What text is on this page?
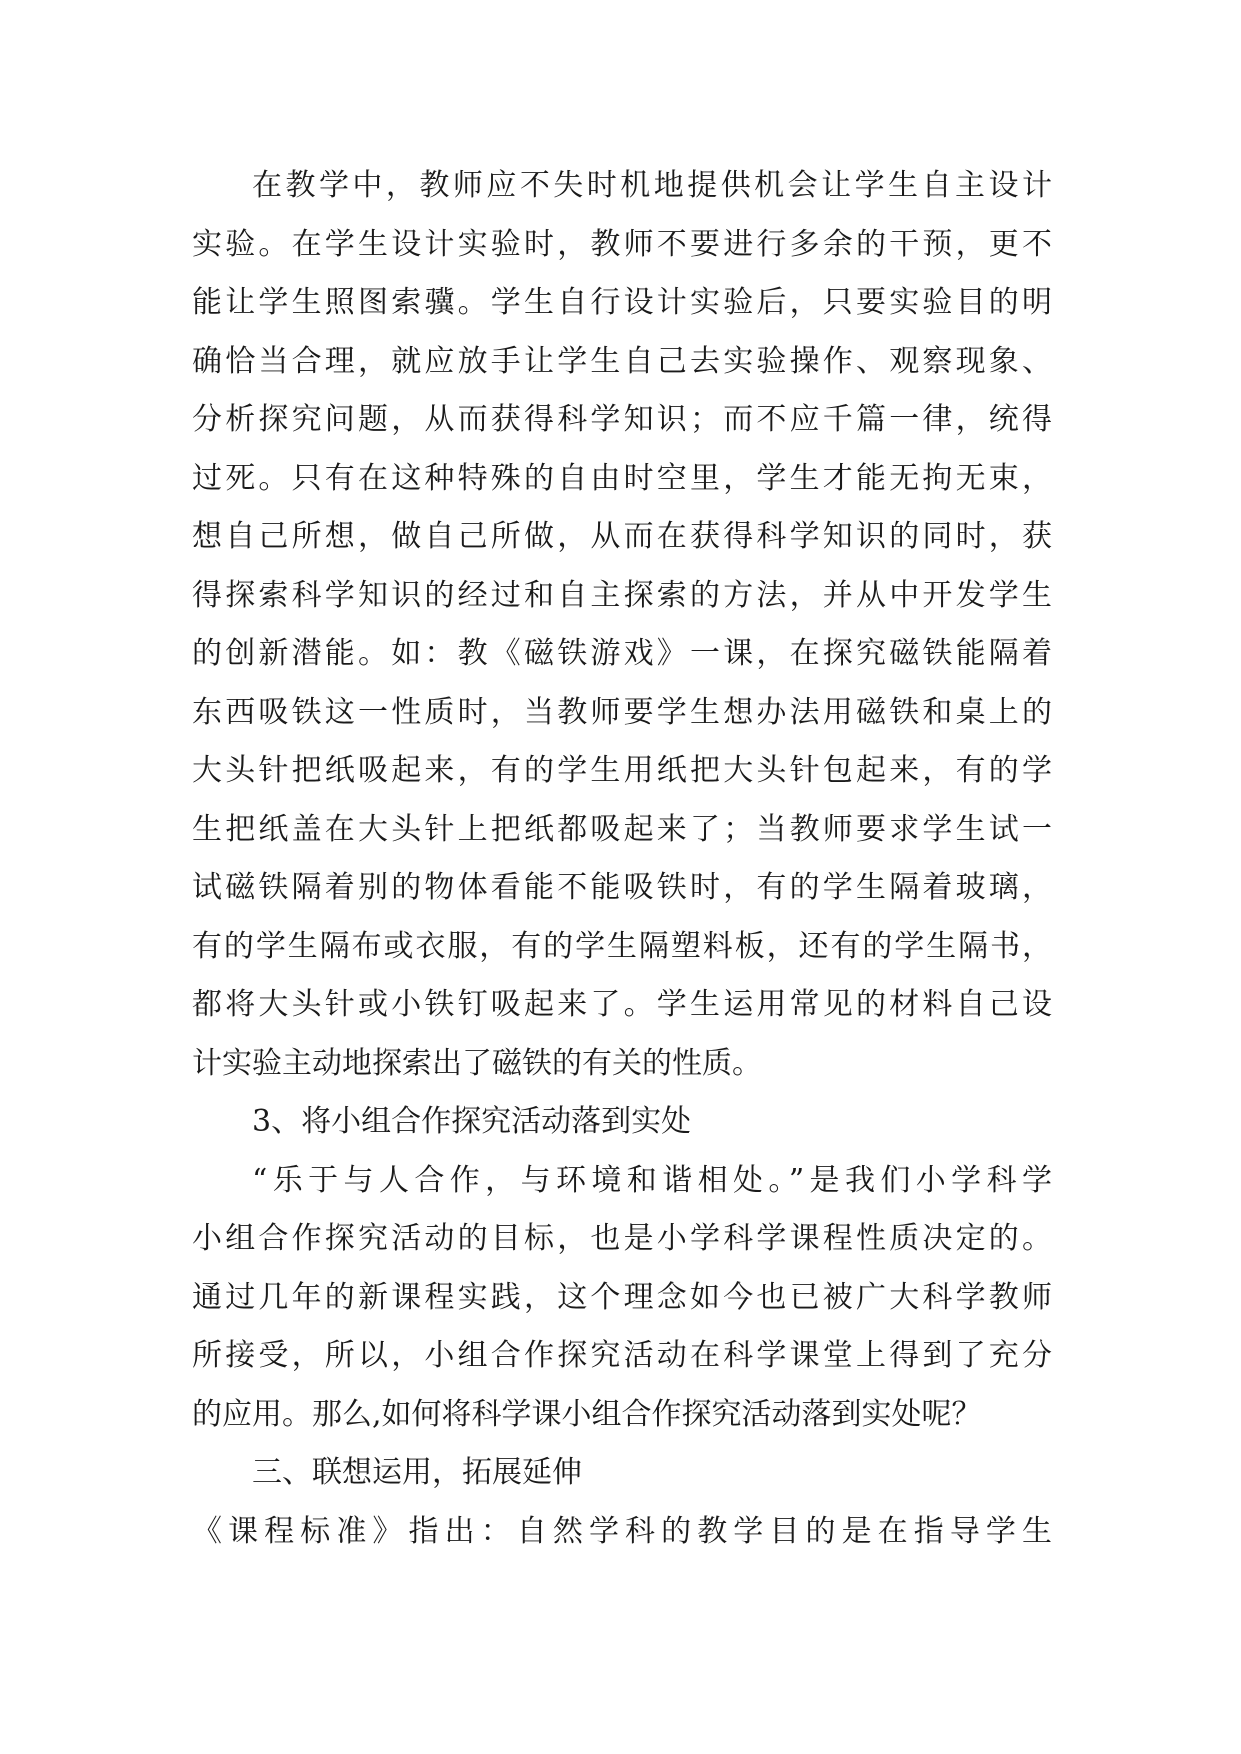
在教学中，教师应不失时机地提供机会让学生自主设计
实验。在学生设计实验时，教师不要进行多余的干预，更不
能让学生照图索骥。学生自行设计实验后，只要实验目的明
确恰当合理，就应放手让学生自己去实验操作、观察现象、
分析探究问题，从而获得科学知识；而不应千篇一律，统得
过死。只有在这种特殊的自由时空里，学生才能无拘无束，
想自己所想，做自己所做，从而在获得科学知识的同时，获
得探索科学知识的经过和自主探索的方法，并从中开发学生
的创新潜能。如：教《磁铁游戏》一课，在探究磁铁能隔着
东西吸铁这一性质时，当教师要学生想办法用磁铁和桌上的
大头针把纸吸起来，有的学生用纸把大头针包起来，有的学
生把纸盖在大头针上把纸都吸起来了；当教师要求学生试一
试磁铁隔着别的物体看能不能吸铁时，有的学生隔着玻璃，
有的学生隔布或衣服，有的学生隔塑料板，还有的学生隔书，
都将大头针或小铁钉吸起来了。学生运用常见的材料自己设
计实验主动地探索出了磁铁的有关的性质。
3、将小组合作探究活动落到实处
“乐于与人合作，与环境和谐相处。”是我们小学科学
小组合作探究活动的目标，也是小学科学课程性质决定的。
通过几年的新课程实践，这个理念如今也已被广大科学教师
所接受，所以，小组合作探究活动在科学课堂上得到了充分
的应用。那么,如何将科学课小组合作探究活动落到实处呢？
三、联想运用，拓展延伸
《课程标准》指出：自然学科的教学目的是在指导学生
